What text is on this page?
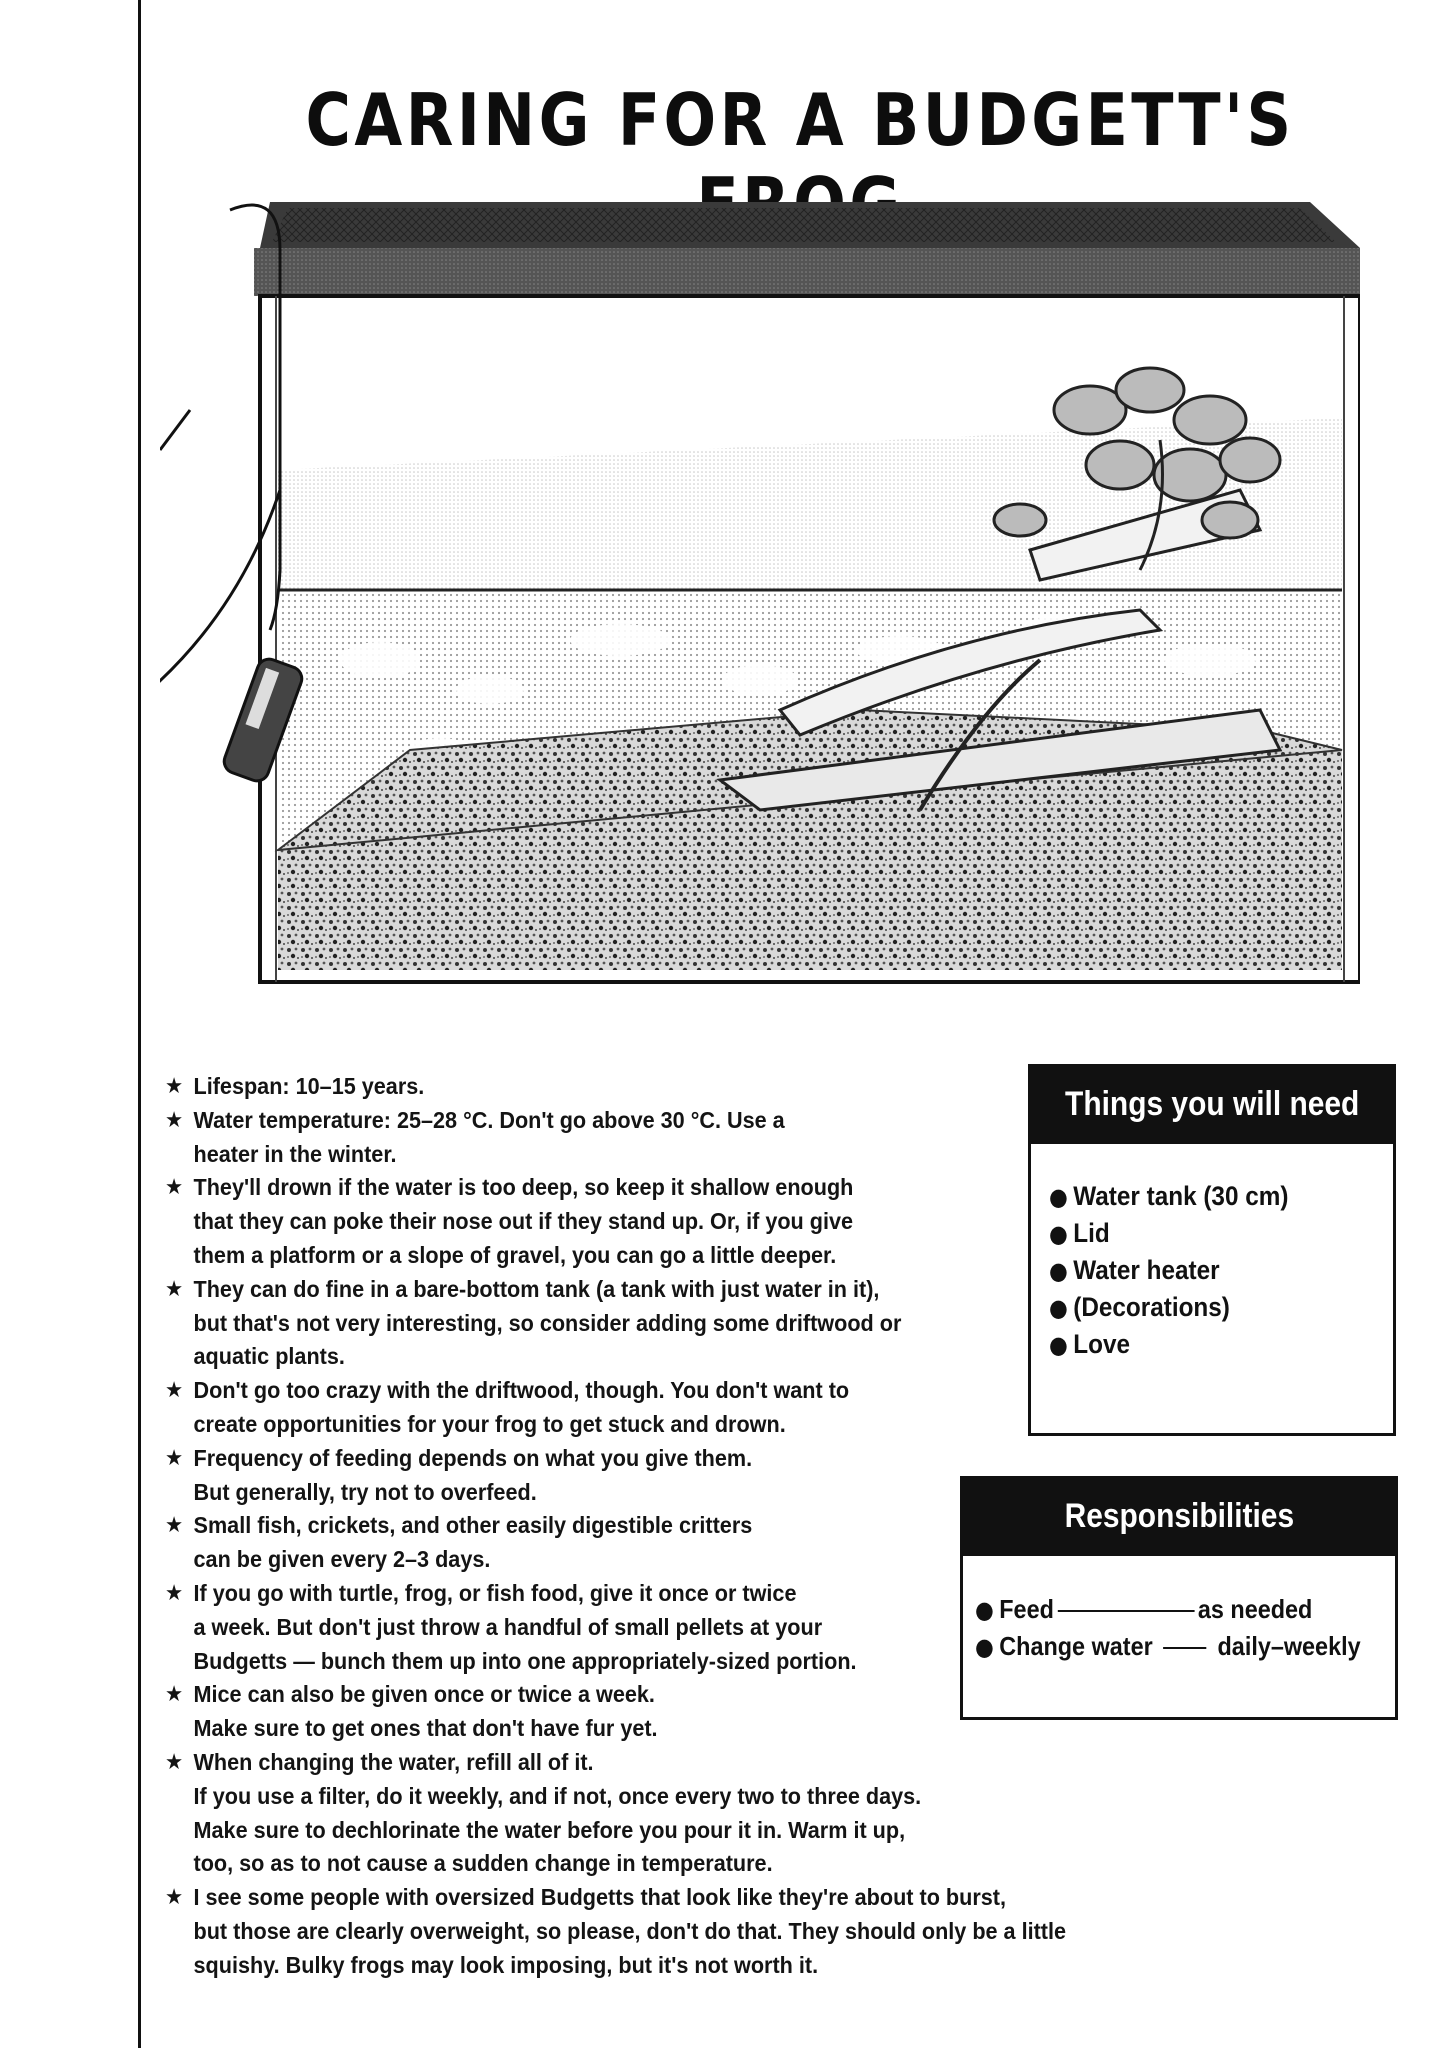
CARING FOR A BUDGETT'S
★ Lifespan: 10–15 years.
★ Water temperature: 25–28 °C. Don't go above 30 °C. Use a
heater in the winter.
★ They'll drown if the water is too deep, so keep it shallow enough
that they can poke their nose out if they stand up. Or, if you give
them a platform or a slope of gravel, you can go a little deeper.
★ They can do fine in a bare-bottom tank (a tank with just water in it),
but that's not very interesting, so consider adding some driftwood or
aquatic plants.
★ Don't go too crazy with the driftwood, though. You don't want to
create opportunities for your frog to get stuck and drown.
★ Frequency of feeding depends on what you give them.
But generally, try not to overfeed.
★ Small fish, crickets, and other easily digestible critters
can be given every 2–3 days.
★ If you go with turtle, frog, or fish food, give it once or twice
a week. But don't just throw a handful of small pellets at your
Budgetts — bunch them up into one appropriately-sized portion.
★ Mice can also be given once or twice a week.
Make sure to get ones that don't have fur yet.
★ When changing the water, refill all of it.
If you use a filter, do it weekly, and if not, once every two to three days.
Make sure to dechlorinate the water before you pour it in. Warm it up,
too, so as to not cause a sudden change in temperature.
★ I see some people with oversized Budgetts that look like they're about to burst,
but those are clearly overweight, so please, don't do that. They should only be a little
squishy. Bulky frogs may look imposing, but it's not worth it.
Things you will need
● Water tank (30 cm)
● Lid
● Water heater
● (Decorations)
● Love
Responsibilities
● Feed	as needed
● Change water daily–weekly
